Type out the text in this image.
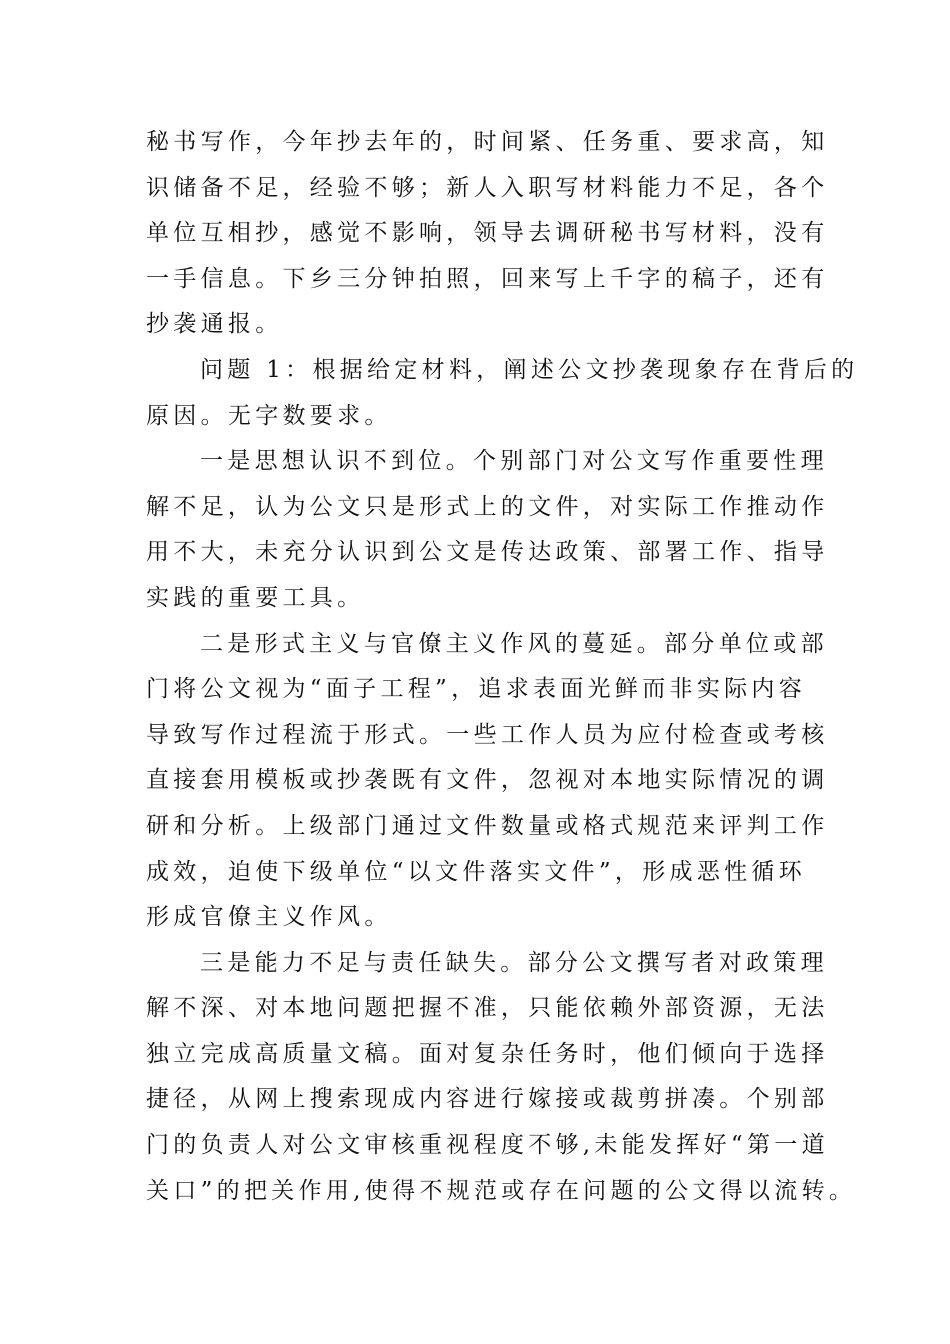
秘书写作，今年抄去年的，时间紧、任务重、要求高，知
识储备不足，经验不够；新人入职写材料能力不足，各个
单位互相抄，感觉不影响，领导去调研秘书写材料，没有
一手信息。下乡三分钟拍照，回来写上千字的稿子，还有
抄袭通报。
问题 1：根据给定材料，阐述公文抄袭现象存在背后的
原因。无字数要求。
一是思想认识不到位。个别部门对公文写作重要性理
解不足，认为公文只是形式上的文件，对实际工作推动作
用不大，未充分认识到公文是传达政策、部署工作、指导
实践的重要工具。
二是形式主义与官僚主义作风的蔓延。部分单位或部
门将公文视为“面子工程”，追求表面光鲜而非实际内容
导致写作过程流于形式。一些工作人员为应付检查或考核
直接套用模板或抄袭既有文件，忽视对本地实际情况的调
研和分析。上级部门通过文件数量或格式规范来评判工作
成效，迫使下级单位“以文件落实文件”，形成恶性循环
形成官僚主义作风。
三是能力不足与责任缺失。部分公文撰写者对政策理
解不深、对本地问题把握不准，只能依赖外部资源，无法
独立完成高质量文稿。面对复杂任务时，他们倾向于选择
捷径，从网上搜索现成内容进行嫁接或裁剪拼凑。个别部
门的负责人对公文审核重视程度不够,未能发挥好“第一道
关口”的把关作用,使得不规范或存在问题的公文得以流转。
